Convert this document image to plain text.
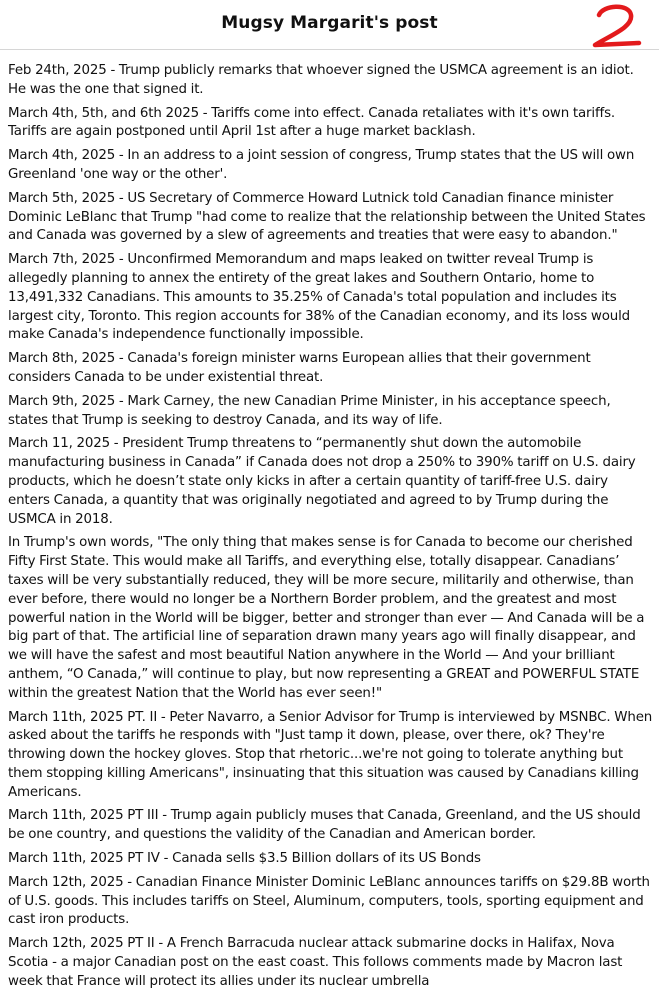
Mugsy Margarit's post

Feb 24th, 2025 - Trump publicly remarks that whoever signed the USMCA agreement is an idiot. He was the one that signed it.

March 4th, 5th, and 6th 2025 - Tariffs come into effect. Canada retaliates with it's own tariffs. Tariffs are again postponed until April 1st after a huge market backlash.

March 4th, 2025 - In an address to a joint session of congress, Trump states that the US will own Greenland 'one way or the other'.

March 5th, 2025 - US Secretary of Commerce Howard Lutnick told Canadian finance minister Dominic LeBlanc that Trump "had come to realize that the relationship between the United States and Canada was governed by a slew of agreements and treaties that were easy to abandon."

March 7th, 2025 - Unconfirmed Memorandum and maps leaked on twitter reveal Trump is allegedly planning to annex the entirety of the great lakes and Southern Ontario, home to 13,491,332 Canadians. This amounts to 35.25% of Canada's total population and includes its largest city, Toronto. This region accounts for 38% of the Canadian economy, and its loss would make Canada's independence functionally impossible.

March 8th, 2025 - Canada's foreign minister warns European allies that their government considers Canada to be under existential threat.

March 9th, 2025 - Mark Carney, the new Canadian Prime Minister, in his acceptance speech, states that Trump is seeking to destroy Canada, and its way of life.

March 11, 2025 - President Trump threatens to “permanently shut down the automobile manufacturing business in Canada” if Canada does not drop a 250% to 390% tariff on U.S. dairy products, which he doesn’t state only kicks in after a certain quantity of tariff-free U.S. dairy enters Canada, a quantity that was originally negotiated and agreed to by Trump during the USMCA in 2018.

In Trump's own words, "The only thing that makes sense is for Canada to become our cherished Fifty First State. This would make all Tariffs, and everything else, totally disappear. Canadians’ taxes will be very substantially reduced, they will be more secure, militarily and otherwise, than ever before, there would no longer be a Northern Border problem, and the greatest and most powerful nation in the World will be bigger, better and stronger than ever — And Canada will be a big part of that. The artificial line of separation drawn many years ago will finally disappear, and we will have the safest and most beautiful Nation anywhere in the World — And your brilliant anthem, “O Canada,” will continue to play, but now representing a GREAT and POWERFUL STATE within the greatest Nation that the World has ever seen!"

March 11th, 2025 PT. II - Peter Navarro, a Senior Advisor for Trump is interviewed by MSNBC. When asked about the tariffs he responds with "Just tamp it down, please, over there, ok? They're throwing down the hockey gloves. Stop that rhetoric...we're not going to tolerate anything but them stopping killing Americans", insinuating that this situation was caused by Canadians killing Americans.

March 11th, 2025 PT III - Trump again publicly muses that Canada, Greenland, and the US should be one country, and questions the validity of the Canadian and American border.

March 11th, 2025 PT IV - Canada sells $3.5 Billion dollars of its US Bonds

March 12th, 2025 - Canadian Finance Minister Dominic LeBlanc announces tariffs on $29.8B worth of U.S. goods. This includes tariffs on Steel, Aluminum, computers, tools, sporting equipment and cast iron products.

March 12th, 2025 PT II - A French Barracuda nuclear attack submarine docks in Halifax, Nova Scotia - a major Canadian post on the east coast. This follows comments made by Macron last week that France will protect its allies under its nuclear umbrella
